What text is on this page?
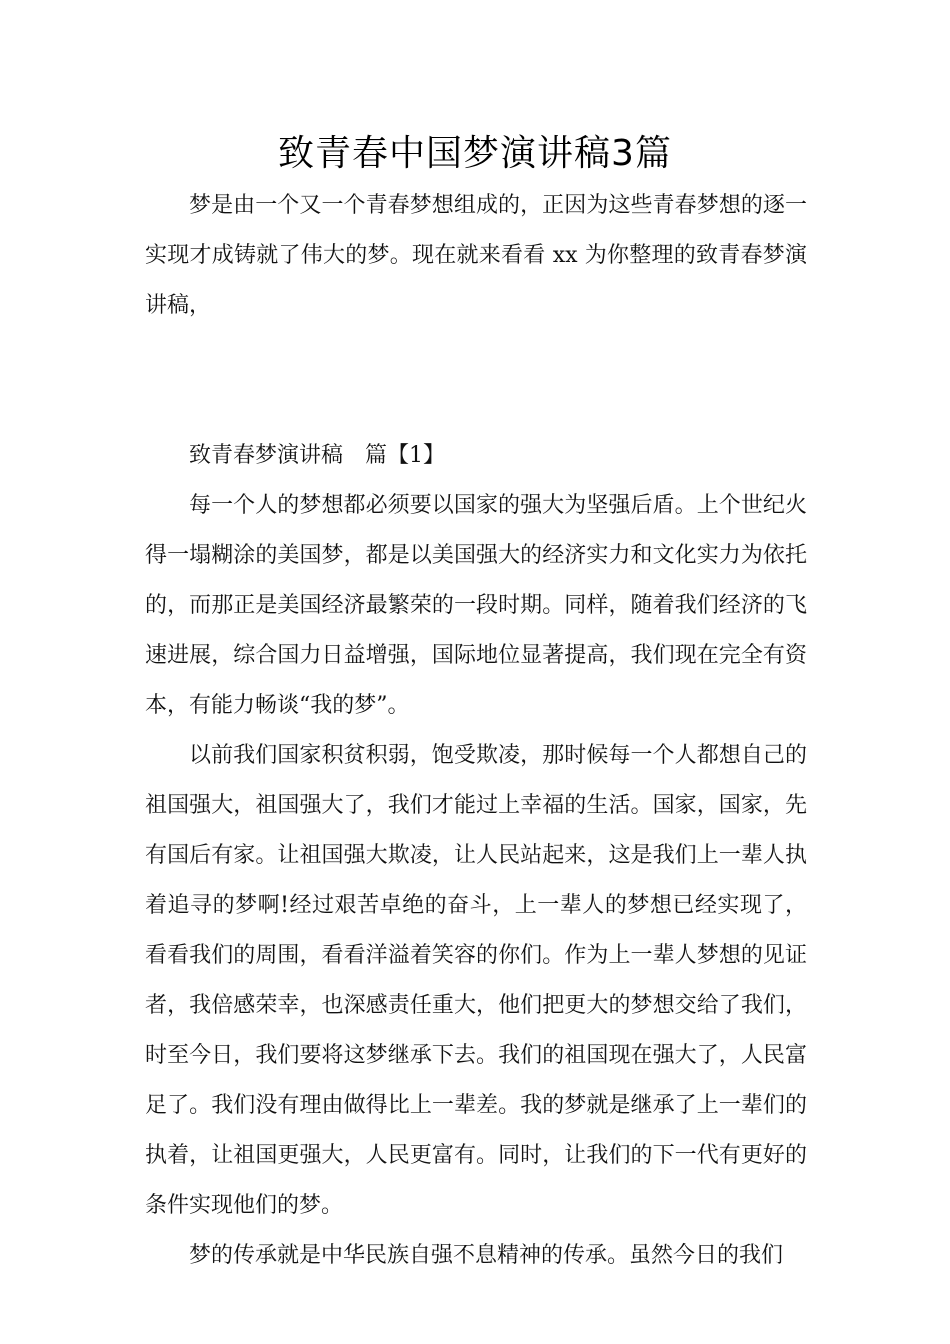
致青春中国梦演讲稿3篇

梦是由一个又一个青春梦想组成的，正因为这些青春梦想的逐一实现才成铸就了伟大的梦。现在就来看看 xx 为你整理的致青春梦演讲稿，

致青春梦演讲稿　篇【1】

每一个人的梦想都必须要以国家的强大为坚强后盾。上个世纪火得一塌糊涂的美国梦，都是以美国强大的经济实力和文化实力为依托的，而那正是美国经济最繁荣的一段时期。同样，随着我们经济的飞速进展，综合国力日益增强，国际地位显著提高，我们现在完全有资本，有能力畅谈“我的梦”。

以前我们国家积贫积弱，饱受欺凌，那时候每一个人都想自己的祖国强大，祖国强大了，我们才能过上幸福的生活。国家，国家，先有国后有家。让祖国强大欺凌，让人民站起来，这是我们上一辈人执着追寻的梦啊!经过艰苦卓绝的奋斗，上一辈人的梦想已经实现了，看看我们的周围，看看洋溢着笑容的你们。作为上一辈人梦想的见证者，我倍感荣幸，也深感责任重大，他们把更大的梦想交给了我们，时至今日，我们要将这梦继承下去。我们的祖国现在强大了，人民富足了。我们没有理由做得比上一辈差。我的梦就是继承了上一辈们的执着，让祖国更强大，人民更富有。同时，让我们的下一代有更好的条件实现他们的梦。

梦的传承就是中华民族自强不息精神的传承。虽然今日的我们
